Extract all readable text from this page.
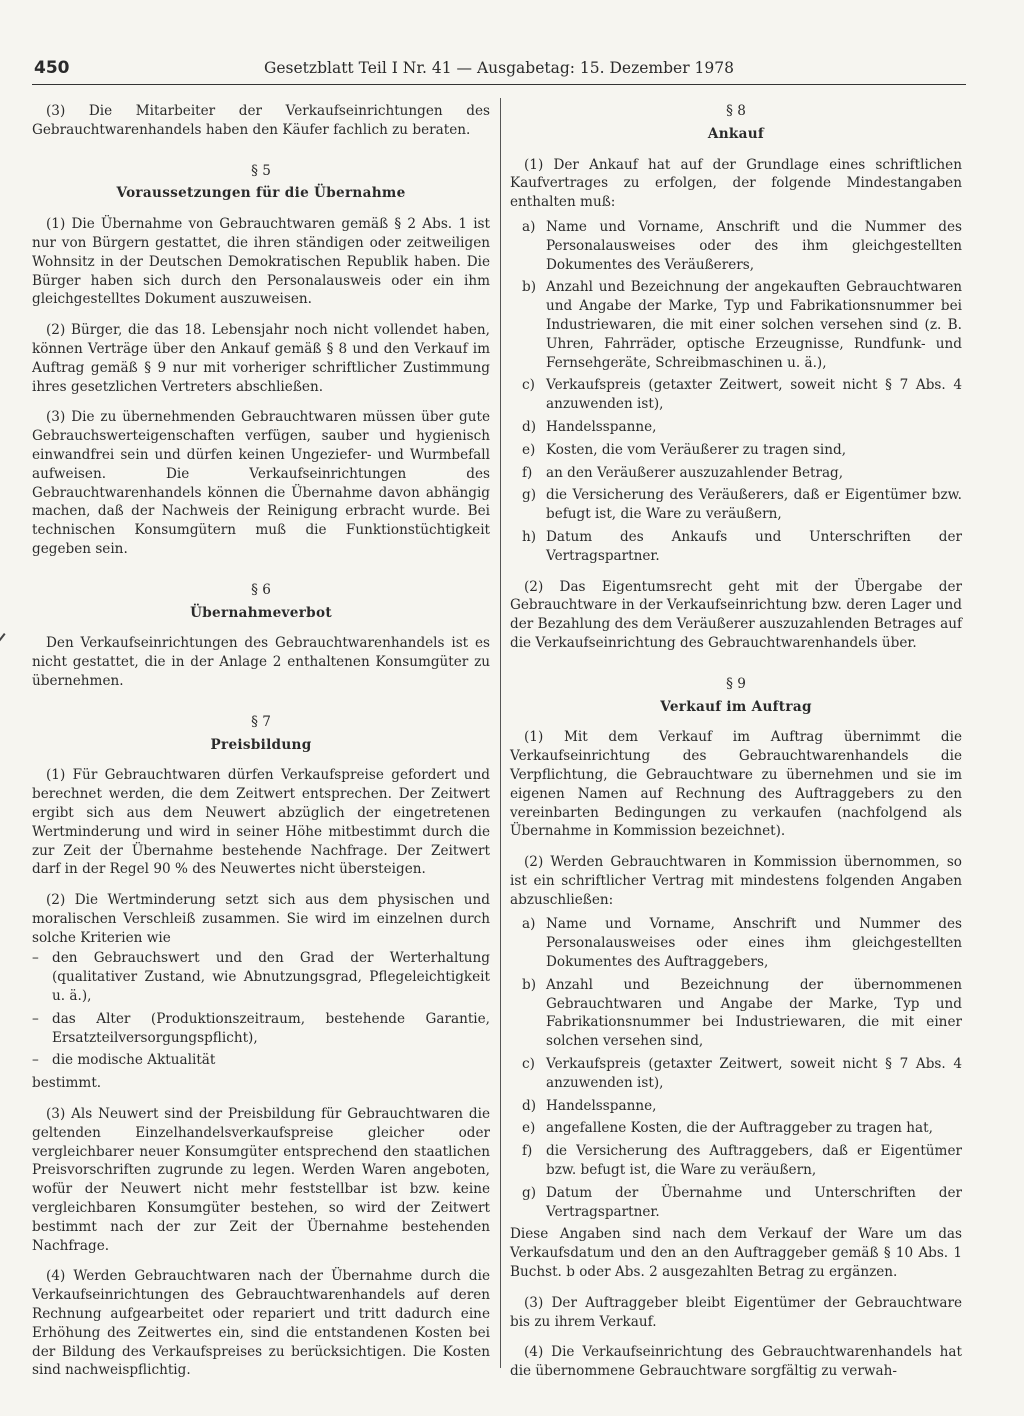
450	Gesetzblatt Teil I Nr. 41 — Ausgabetag: 15. Dezember 1978

(3) Die Mitarbeiter der Verkaufseinrichtungen des Gebrauchtwarenhandels haben den Käufer fachlich zu beraten.

§ 5
Voraussetzungen für die Übernahme

(1) Die Übernahme von Gebrauchtwaren gemäß § 2 Abs. 1 ist nur von Bürgern gestattet, die ihren ständigen oder zeitweiligen Wohnsitz in der Deutschen Demokratischen Republik haben. Die Bürger haben sich durch den Personalausweis oder ein ihm gleichgestelltes Dokument auszuweisen.

(2) Bürger, die das 18. Lebensjahr noch nicht vollendet haben, können Verträge über den Ankauf gemäß § 8 und den Verkauf im Auftrag gemäß § 9 nur mit vorheriger schriftlicher Zustimmung ihres gesetzlichen Vertreters abschließen.

(3) Die zu übernehmenden Gebrauchtwaren müssen über gute Gebrauchswerteigenschaften verfügen, sauber und hygienisch einwandfrei sein und dürfen keinen Ungeziefer- und Wurmbefall aufweisen. Die Verkaufseinrichtungen des Gebrauchtwarenhandels können die Übernahme davon abhängig machen, daß der Nachweis der Reinigung erbracht wurde. Bei technischen Konsumgütern muß die Funktionstüchtigkeit gegeben sein.

§ 6
Übernahmeverbot

Den Verkaufseinrichtungen des Gebrauchtwarenhandels ist es nicht gestattet, die in der Anlage 2 enthaltenen Konsumgüter zu übernehmen.

§ 7
Preisbildung

(1) Für Gebrauchtwaren dürfen Verkaufspreise gefordert und berechnet werden, die dem Zeitwert entsprechen. Der Zeitwert ergibt sich aus dem Neuwert abzüglich der eingetretenen Wertminderung und wird in seiner Höhe mitbestimmt durch die zur Zeit der Übernahme bestehende Nachfrage. Der Zeitwert darf in der Regel 90 % des Neuwertes nicht übersteigen.

(2) Die Wertminderung setzt sich aus dem physischen und moralischen Verschleiß zusammen. Sie wird im einzelnen durch solche Kriterien wie

– den Gebrauchswert und den Grad der Werterhaltung (qualitativer Zustand, wie Abnutzungsgrad, Pflegeleichtigkeit u. ä.),
– das Alter (Produktionszeitraum, bestehende Garantie, Ersatzteilversorgungspflicht),
– die modische Aktualität

bestimmt.

(3) Als Neuwert sind der Preisbildung für Gebrauchtwaren die geltenden Einzelhandelsverkaufspreise gleicher oder vergleichbarer neuer Konsumgüter entsprechend den staatlichen Preisvorschriften zugrunde zu legen. Werden Waren angeboten, wofür der Neuwert nicht mehr feststellbar ist bzw. keine vergleichbaren Konsumgüter bestehen, so wird der Zeitwert bestimmt nach der zur Zeit der Übernahme bestehenden Nachfrage.

(4) Werden Gebrauchtwaren nach der Übernahme durch die Verkaufseinrichtungen des Gebrauchtwarenhandels auf deren Rechnung aufgearbeitet oder repariert und tritt dadurch eine Erhöhung des Zeitwertes ein, sind die entstandenen Kosten bei der Bildung des Verkaufspreises zu berücksichtigen. Die Kosten sind nachweispflichtig.

§ 8
Ankauf

(1) Der Ankauf hat auf der Grundlage eines schriftlichen Kaufvertrages zu erfolgen, der folgende Mindestangaben enthalten muß:

a) Name und Vorname, Anschrift und die Nummer des Personalausweises oder des ihm gleichgestellten Dokumentes des Veräußerers,
b) Anzahl und Bezeichnung der angekauften Gebrauchtwaren und Angabe der Marke, Typ und Fabrikationsnummer bei Industriewaren, die mit einer solchen versehen sind (z. B. Uhren, Fahrräder, optische Erzeugnisse, Rundfunk- und Fernsehgeräte, Schreibmaschinen u. ä.),
c) Verkaufspreis (getaxter Zeitwert, soweit nicht § 7 Abs. 4 anzuwenden ist),
d) Handelsspanne,
e) Kosten, die vom Veräußerer zu tragen sind,
f)	an den Veräußerer auszuzahlender Betrag,
g) die Versicherung des Veräußerers, daß er Eigentümer bzw. befugt ist, die Ware zu veräußern,
h) Datum des Ankaufs und Unterschriften der Vertragspartner.

(2) Das Eigentumsrecht geht mit der Übergabe der Gebrauchtware in der Verkaufseinrichtung bzw. deren Lager und der Bezahlung des dem Veräußerer auszuzahlenden Betrages auf die Verkaufseinrichtung des Gebrauchtwarenhandels über.

§ 9
Verkauf im Auftrag

(1) Mit dem Verkauf im Auftrag übernimmt die Verkaufseinrichtung des Gebrauchtwarenhandels die Verpflichtung, die Gebrauchtware zu übernehmen und sie im eigenen Namen auf Rechnung des Auftraggebers zu den vereinbarten Bedingungen zu verkaufen (nachfolgend als Übernahme in Kommission bezeichnet).

(2) Werden Gebrauchtwaren in Kommission übernommen, so ist ein schriftlicher Vertrag mit mindestens folgenden Angaben abzuschließen:

a) Name und Vorname, Anschrift und Nummer des Personalausweises oder eines ihm gleichgestellten Dokumentes des Auftraggebers,
b) Anzahl und Bezeichnung der übernommenen Gebrauchtwaren und Angabe der Marke, Typ und Fabrikationsnummer bei Industriewaren, die mit einer solchen versehen sind,
c) Verkaufspreis (getaxter Zeitwert, soweit nicht § 7 Abs. 4 anzuwenden ist),
d) Handelsspanne,
e) angefallene Kosten, die der Auftraggeber zu tragen hat,
f)	die Versicherung des Auftraggebers, daß er Eigentümer bzw. befugt ist, die Ware zu veräußern,
g) Datum der Übernahme und Unterschriften der Vertragspartner.

Diese Angaben sind nach dem Verkauf der Ware um das Verkaufsdatum und den an den Auftraggeber gemäß § 10 Abs. 1 Buchst. b oder Abs. 2 ausgezahlten Betrag zu ergänzen.

(3) Der Auftraggeber bleibt Eigentümer der Gebrauchtware bis zu ihrem Verkauf.

(4) Die Verkaufseinrichtung des Gebrauchtwarenhandels hat die übernommene Gebrauchtware sorgfältig zu verwah-
